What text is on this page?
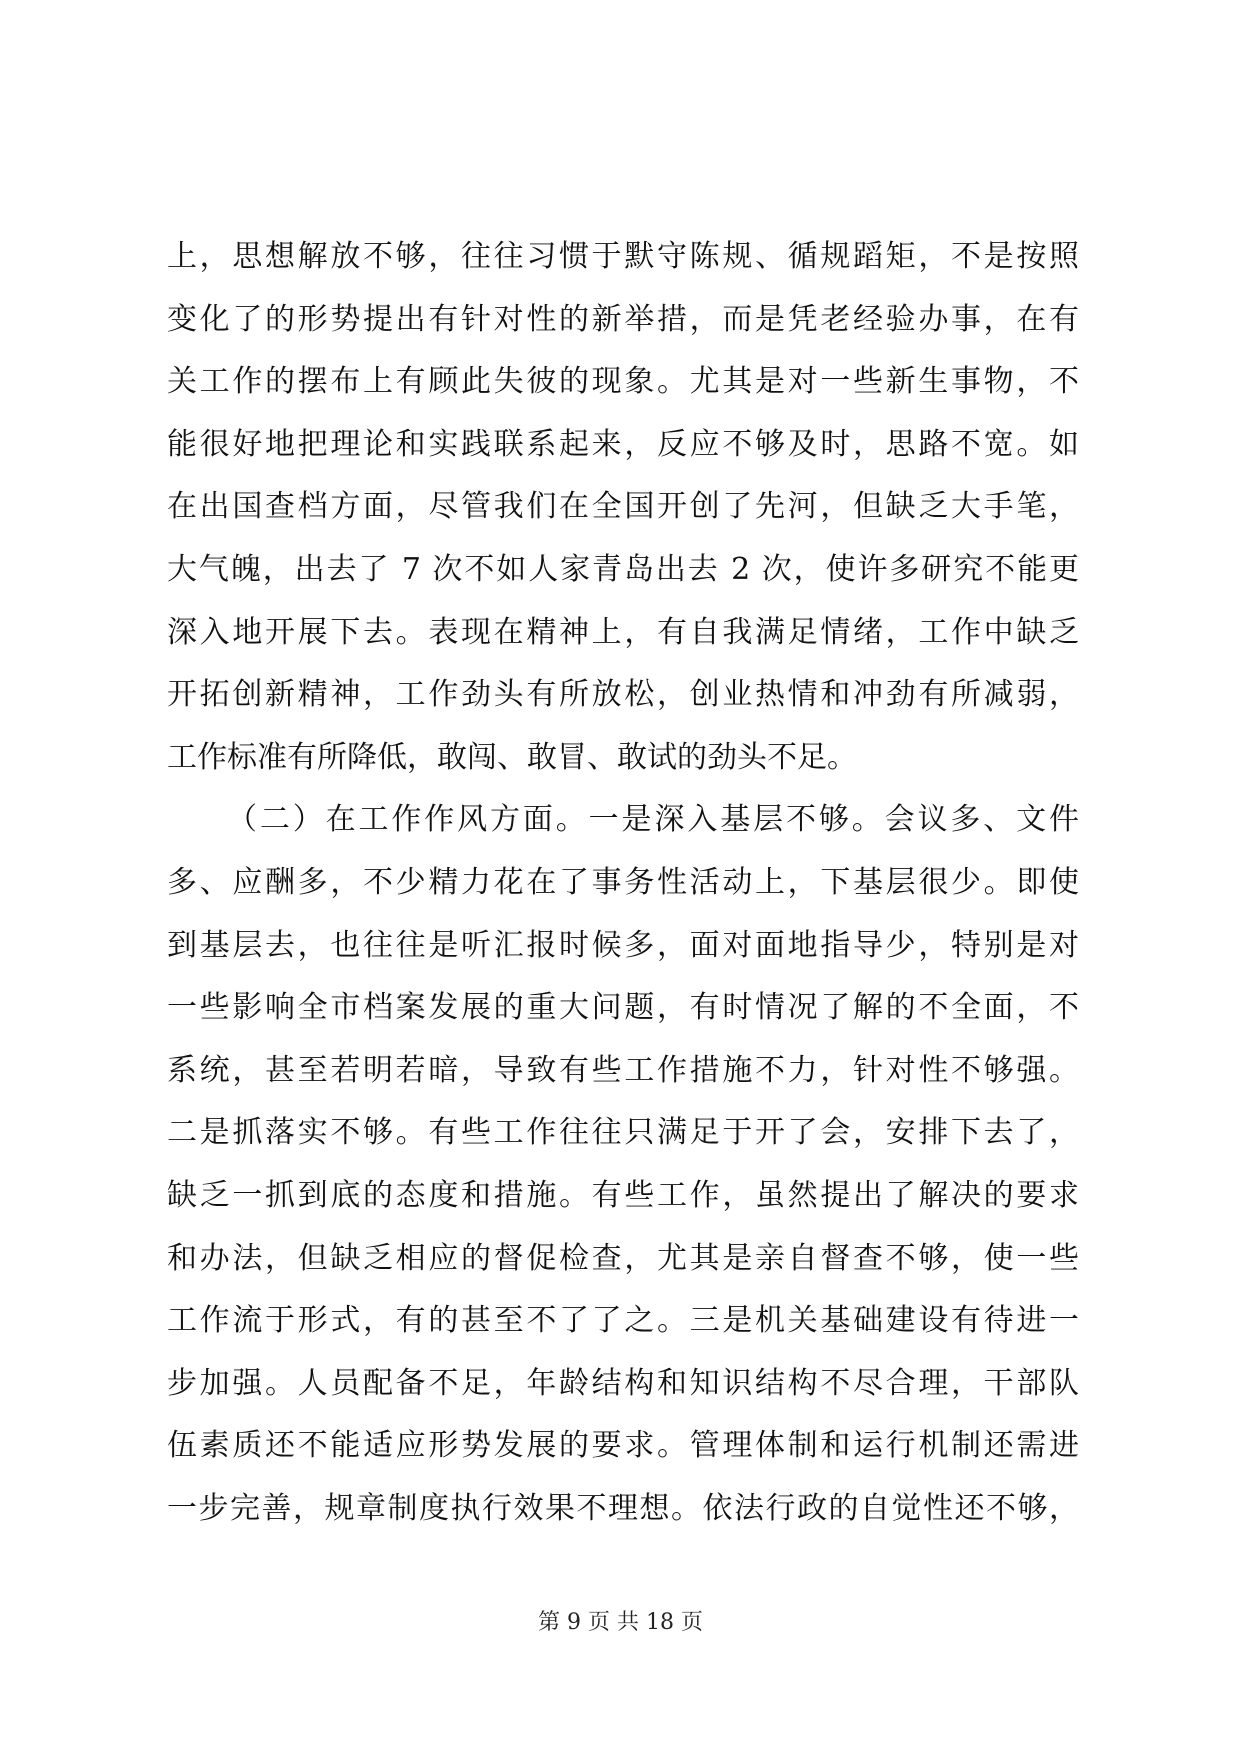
上，思想解放不够，往往习惯于默守陈规、循规蹈矩，不是按照
变化了的形势提出有针对性的新举措，而是凭老经验办事，在有
关工作的摆布上有顾此失彼的现象。尤其是对一些新生事物，不
能很好地把理论和实践联系起来，反应不够及时，思路不宽。如
在出国查档方面，尽管我们在全国开创了先河，但缺乏大手笔，
大气魄，出去了 7 次不如人家青岛出去 2 次，使许多研究不能更
深入地开展下去。表现在精神上，有自我满足情绪，工作中缺乏
开拓创新精神，工作劲头有所放松，创业热情和冲劲有所减弱，
工作标准有所降低，敢闯、敢冒、敢试的劲头不足。
（二）在工作作风方面。一是深入基层不够。会议多、文件
多、应酬多，不少精力花在了事务性活动上，下基层很少。即使
到基层去，也往往是听汇报时候多，面对面地指导少，特别是对
一些影响全市档案发展的重大问题，有时情况了解的不全面，不
系统，甚至若明若暗，导致有些工作措施不力，针对性不够强。
二是抓落实不够。有些工作往往只满足于开了会，安排下去了，
缺乏一抓到底的态度和措施。有些工作，虽然提出了解决的要求
和办法，但缺乏相应的督促检查，尤其是亲自督查不够，使一些
工作流于形式，有的甚至不了了之。三是机关基础建设有待进一
步加强。人员配备不足，年龄结构和知识结构不尽合理，干部队
伍素质还不能适应形势发展的要求。管理体制和运行机制还需进
一步完善，规章制度执行效果不理想。依法行政的自觉性还不够，
第 9 页 共 18 页
